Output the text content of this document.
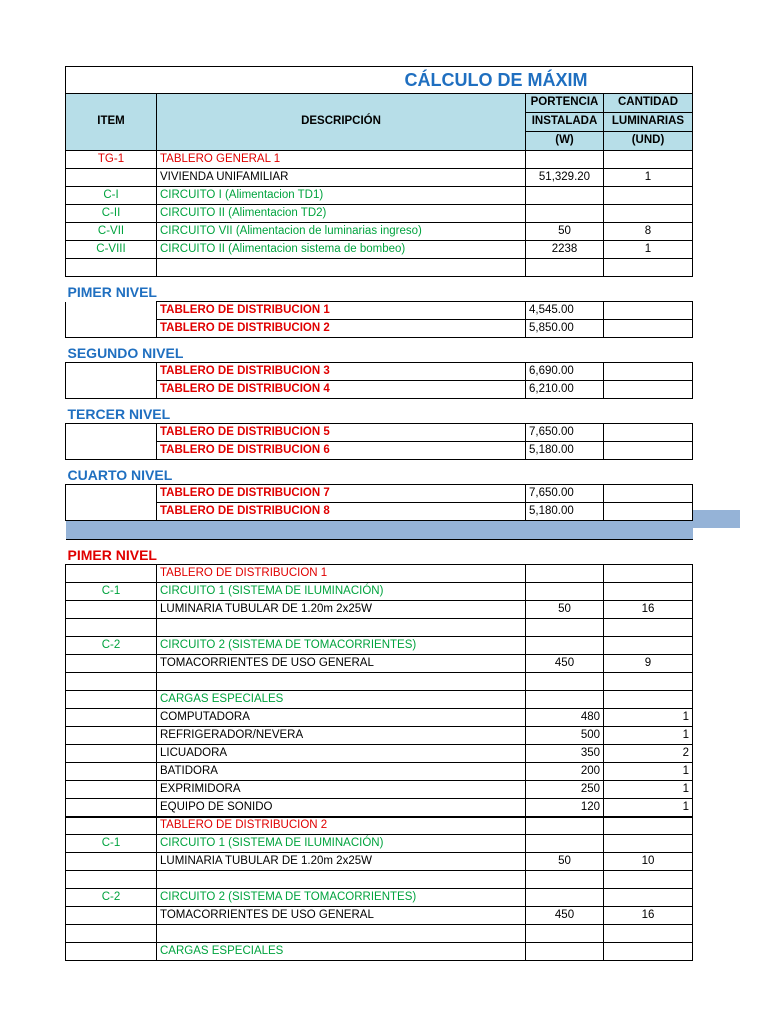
CÁLCULO DE MÁXIM			
ITEM	DESCRIPCIÓN	PORTENCIA	CANTIDAD
		INSTALADA	LUMINARIAS
		(W)	(UND)
TG-1	TABLERO GENERAL 1		
	VIVIENDA UNIFAMILIAR	51,329.20	1
C-I	CIRCUITO I (Alimentacion TD1)		
C-II	CIRCUITO II (Alimentacion TD2)		
C-VII	CIRCUITO VII (Alimentacion de luminarias ingreso)	50	8
C-VIII	CIRCUITO II (Alimentacion sistema de bombeo)	2238	1

PIMER NIVEL			
	TABLERO DE DISTRIBUCION 1	4,545.00	
	TABLERO DE DISTRIBUCION 2	5,850.00	
SEGUNDO NIVEL			
	TABLERO DE DISTRIBUCION 3	6,690.00	
	TABLERO DE DISTRIBUCION 4	6,210.00	
TERCER NIVEL			
	TABLERO DE DISTRIBUCION 5	7,650.00	
	TABLERO DE DISTRIBUCION 6	5,180.00	
CUARTO NIVEL			
	TABLERO DE DISTRIBUCION 7	7,650.00	
	TABLERO DE DISTRIBUCION 8	5,180.00	

PIMER NIVEL			
	TABLERO DE DISTRIBUCION 1		
C-1	CIRCUITO 1 (SISTEMA DE ILUMINACIÓN)		
	LUMINARIA TUBULAR DE 1.20m 2x25W	50	16

C-2	CIRCUITO 2 (SISTEMA DE TOMACORRIENTES)		
	TOMACORRIENTES DE USO GENERAL	450	9

	CARGAS ESPECIALES		
	COMPUTADORA	480	1
	REFRIGERADOR/NEVERA	500	1
	LICUADORA	350	2
	BATIDORA	200	1
	EXPRIMIDORA	250	1
	EQUIPO DE SONIDO	120	1
	TABLERO DE DISTRIBUCION 2		
C-1	CIRCUITO 1 (SISTEMA DE ILUMINACIÓN)		
	LUMINARIA TUBULAR DE 1.20m 2x25W	50	10

C-2	CIRCUITO 2 (SISTEMA DE TOMACORRIENTES)		
	TOMACORRIENTES DE USO GENERAL	450	16

	CARGAS ESPECIALES		
